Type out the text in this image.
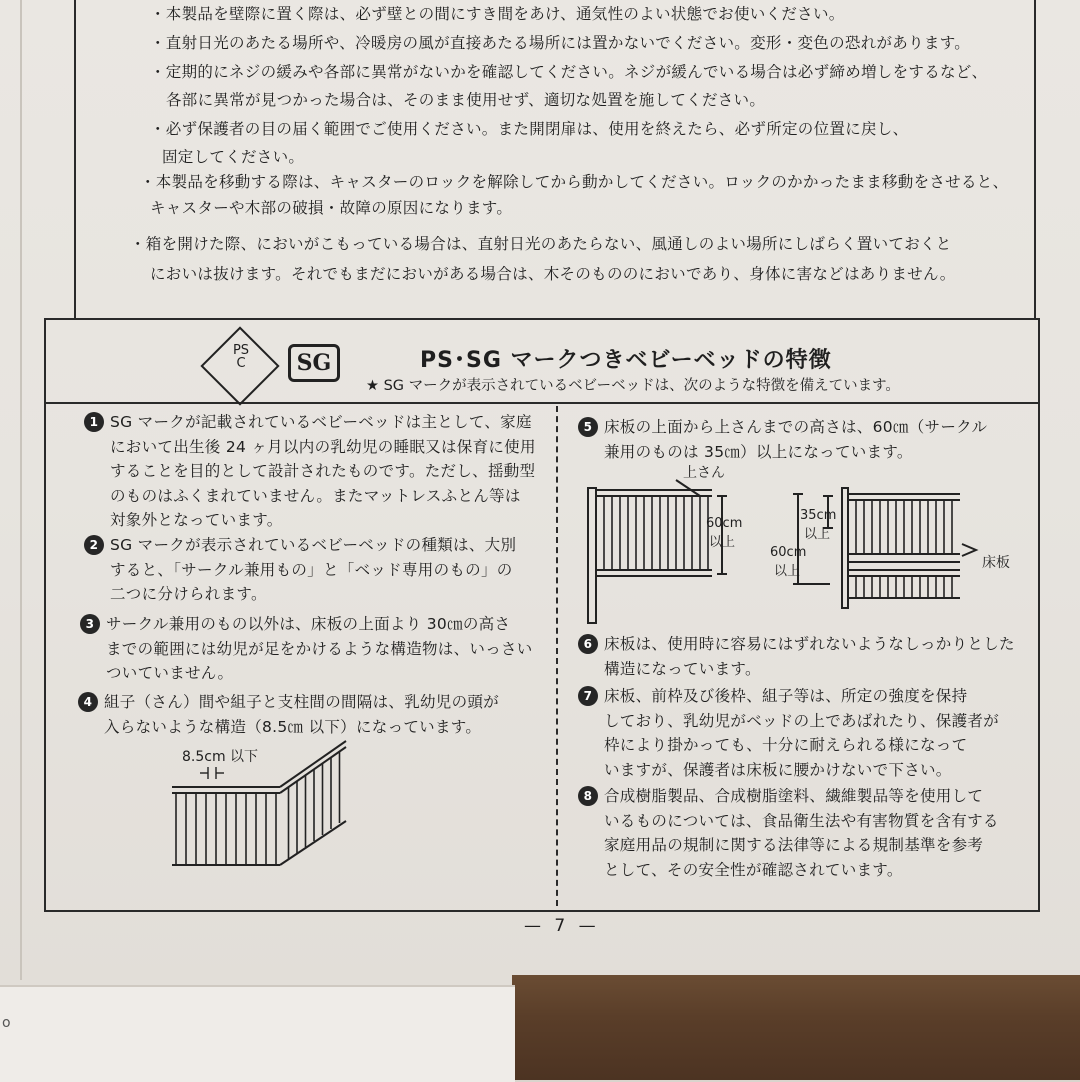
o
・本製品を壁際に置く際は、必ず壁との間にすき間をあけ、通気性のよい状態でお使いください。
・直射日光のあたる場所や、冷暖房の風が直接あたる場所には置かないでください。変形・変色の恐れがあります。
・定期的にネジの緩みや各部に異常がないかを確認してください。ネジが緩んでいる場合は必ず締め増しをするなど、
各部に異常が見つかった場合は、そのまま使用せず、適切な処置を施してください。
・必ず保護者の目の届く範囲でご使用ください。また開閉扉は、使用を終えたら、必ず所定の位置に戻し、
固定してください。
・本製品を移動する際は、キャスターのロックを解除してから動かしてください。ロックのかかったまま移動をさせると、
キャスターや木部の破損・故障の原因になります。
・箱を開けた際、においがこもっている場合は、直射日光のあたらない、風通しのよい場所にしばらく置いておくと
においは抜けます。それでもまだにおいがある場合は、木そのもののにおいであり、身体に害などはありません。
PS
C	SG	PS･SG マークつきベビーベッドの特徴
★ SG マークが表示されているベビーベッドは、次のような特徴を備えています。
1 SG マークが記載されているベビーベッドは主として、家庭
において出生後 24 ヶ月以内の乳幼児の睡眠又は保育に使用
することを目的として設計されたものです。ただし、揺動型
のものはふくまれていません。またマットレスふとん等は
対象外となっています。
2 SG マークが表示されているベビーベッドの種類は、大別
すると、「サークル兼用もの」と「ベッド専用のもの」の
二つに分けられます。
3 サークル兼用のもの以外は、床板の上面より 30㎝の高さ
までの範囲には幼児が足をかけるような構造物は、いっさい
ついていません。
4 組子（さん）間や組子と支柱間の間隔は、乳幼児の頭が
入らないような構造（8.5㎝ 以下）になっています。
5 床板の上面から上さんまでの高さは、60㎝（サークル
兼用のものは 35㎝）以上になっています。
6 床板は、使用時に容易にはずれないようなしっかりとした
構造になっています。
7 床板、前枠及び後枠、組子等は、所定の強度を保持
しており、乳幼児がベッドの上であばれたり、保護者が
枠により掛かっても、十分に耐えられる様になって
いますが、保護者は床板に腰かけないで下さい。
8 合成樹脂製品、合成樹脂塗料、繊維製品等を使用して
いるものについては、食品衛生法や有害物質を含有する
家庭用品の規制に関する法律等による規制基準を参考
として、その安全性が確認されています。
8.5cm 以下
上さん
60cm
以上
35cm
以上
60cm
以上
床板
— 7 —
